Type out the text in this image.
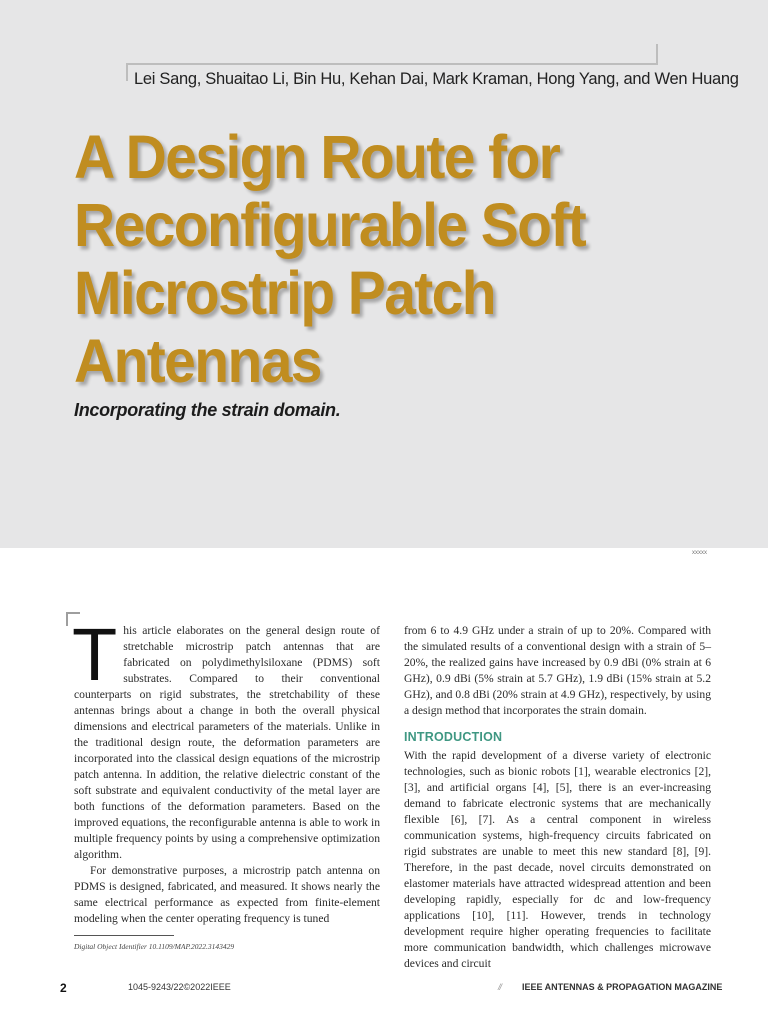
Lei Sang, Shuaitao Li, Bin Hu, Kehan Dai, Mark Kraman, Hong Yang, and Wen Huang
A Design Route for
Reconfigurable Soft
Microstrip Patch
Antennas
Incorporating the strain domain.
xxxxx

This article elaborates on the general design route of stretchable microstrip patch antennas that are fabricated on polydimethylsiloxane (PDMS) soft substrates. Compared to their conventional counterparts on rigid substrates, the stretchability of these antennas brings about a change in both the overall physical dimensions and electrical parameters of the materials. Unlike in the traditional design route, the deformation parameters are incorporated into the classical design equations of the microstrip patch antenna. In addition, the relative dielectric constant of the soft substrate and equivalent conductivity of the metal layer are both functions of the deformation parameters. Based on the improved equations, the reconfigurable antenna is able to work in multiple frequency points by using a comprehensive optimization algorithm.

For demonstrative purposes, a microstrip patch antenna on PDMS is designed, fabricated, and measured. It shows nearly the same electrical performance as expected from finite-element modeling when the center operating frequency is tuned

from 6 to 4.9 GHz under a strain of up to 20%. Compared with the simulated results of a conventional design with a strain of 5–20%, the realized gains have increased by 0.9 dBi (0% strain at 6 GHz), 0.9 dBi (5% strain at 5.7 GHz), 1.9 dBi (15% strain at 5.2 GHz), and 0.8 dBi (20% strain at 4.9 GHz), respectively, by using a design method that incorporates the strain domain.

INTRODUCTION

With the rapid development of a diverse variety of electronic technologies, such as bionic robots [1], wearable electronics [2], [3], and artificial organs [4], [5], there is an ever-increasing demand to fabricate electronic systems that are mechanically flexible [6], [7]. As a central component in wireless communication systems, high-frequency circuits fabricated on rigid substrates are unable to meet this new standard [8], [9]. Therefore, in the past decade, novel circuits demonstrated on elastomer materials have attracted widespread attention and been developing rapidly, especially for dc and low-frequency applications [10], [11]. However, trends in technology development require higher operating frequencies to facilitate more communication bandwidth, which challenges microwave devices and circuit

Digital Object Identifier 10.1109/MAP.2022.3143429
2	1045-9243/22©2022IEEE	// IEEE ANTENNAS & PROPAGATION MAGAZINE
